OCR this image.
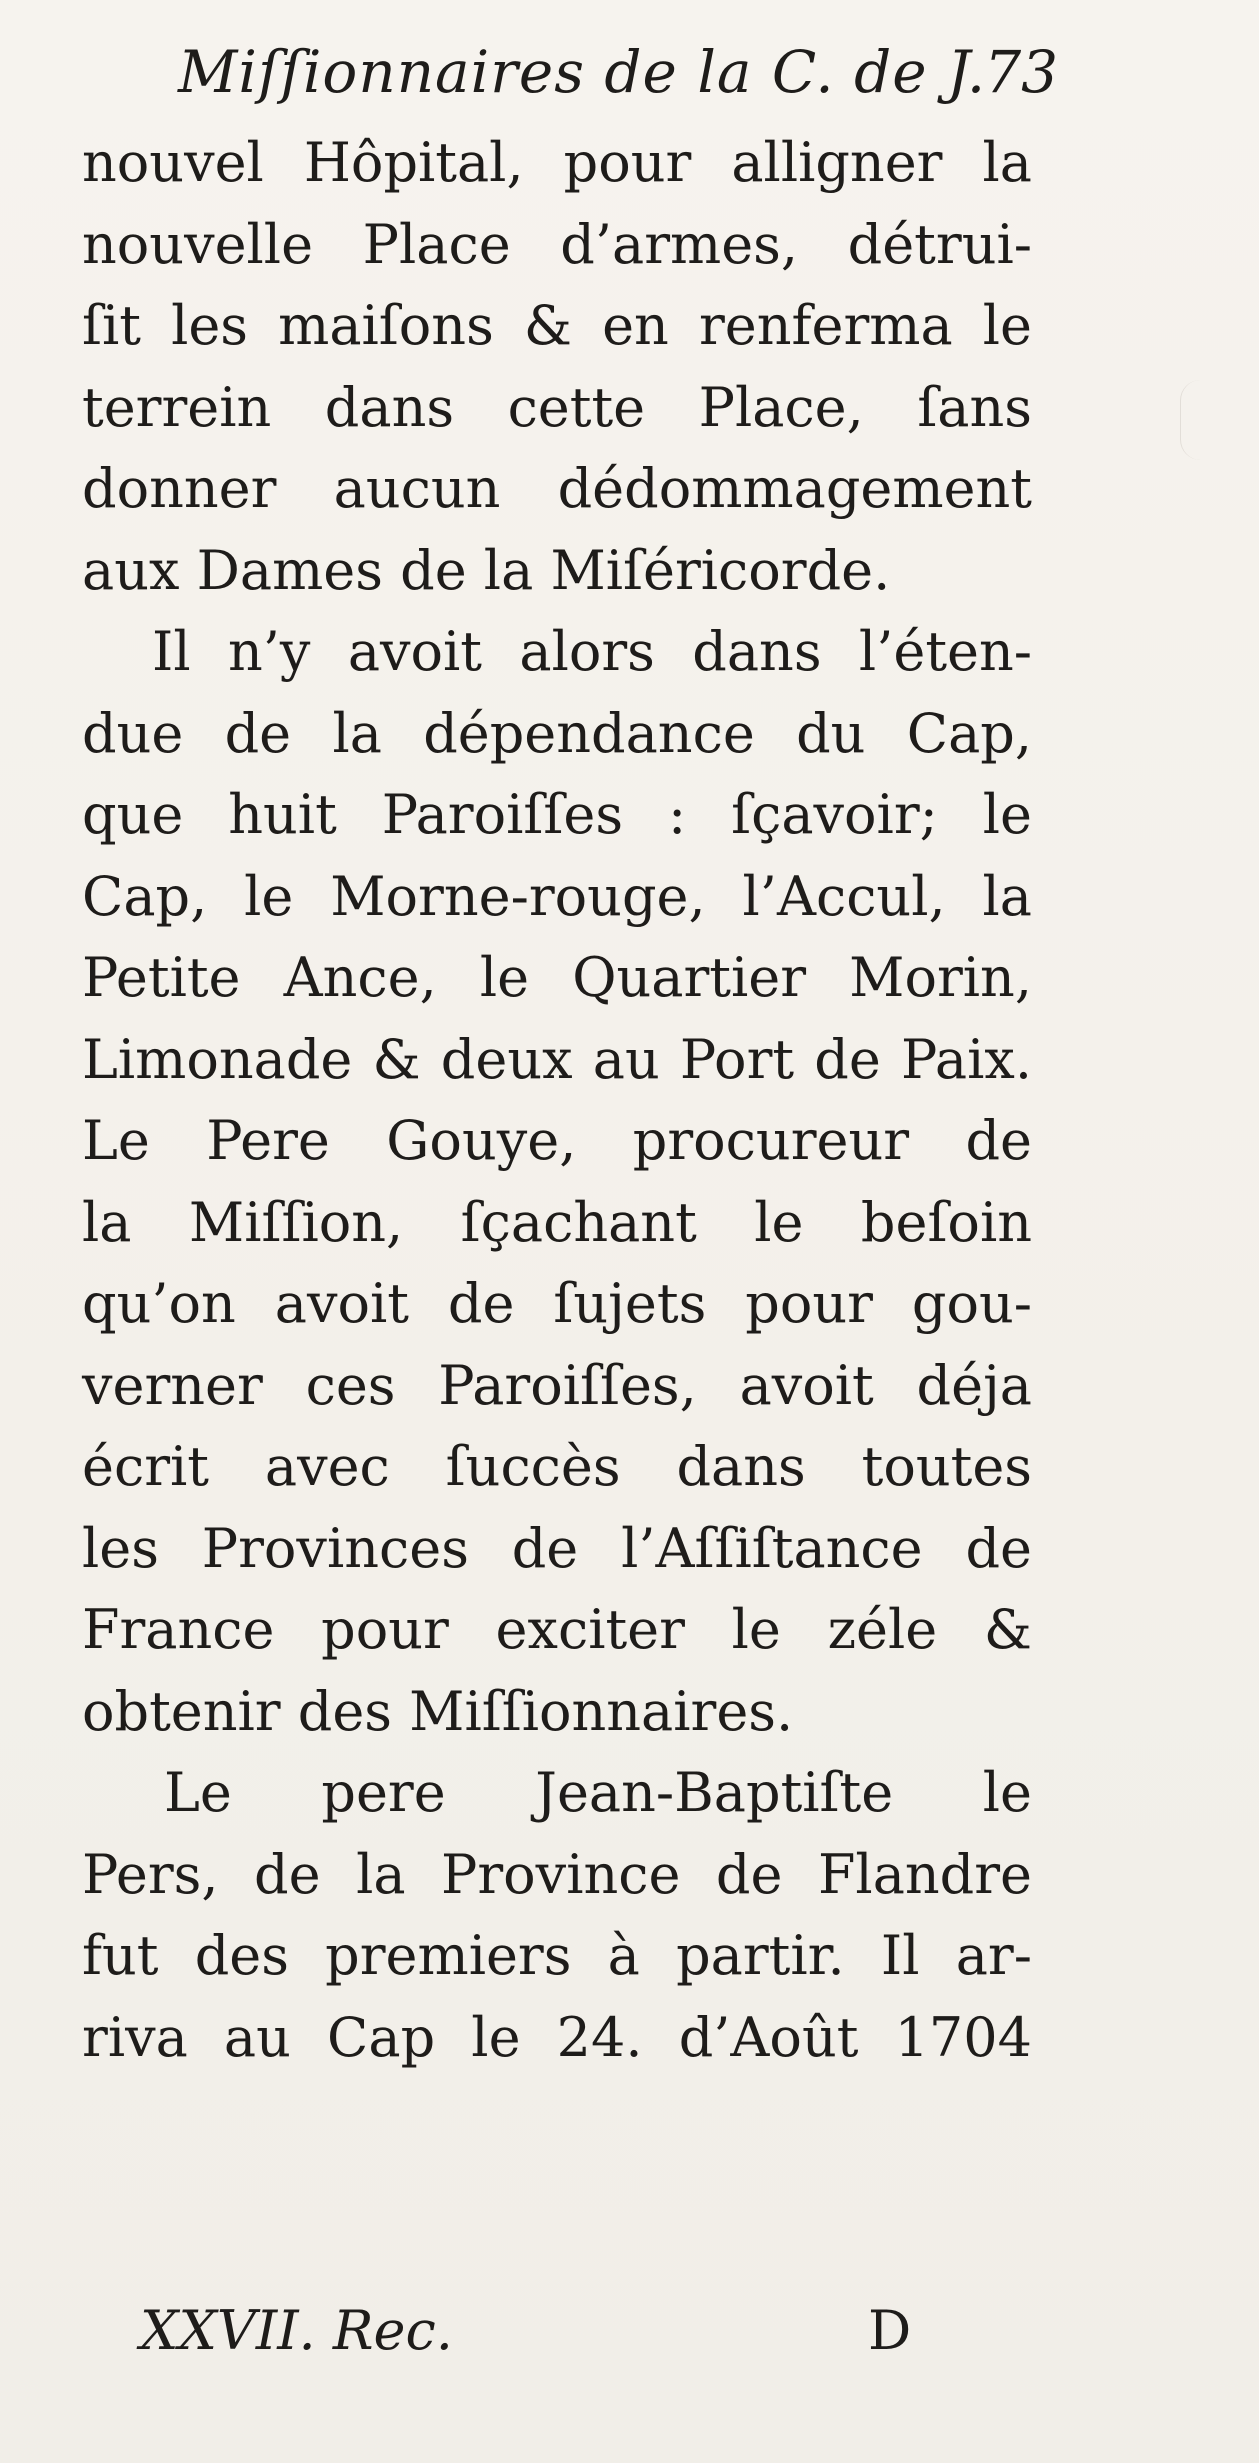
Miſſionnaires de la C. de J.
73
nouvel Hôpital, pour alligner la
nouvelle Place d’armes, détrui-
ſit les maiſons & en renferma le
terrein dans cette Place, ſans
donner aucun dédommagement
aux Dames de la Miſéricorde.
Il n’y avoit alors dans l’éten-
due de la dépendance du Cap,
que huit Paroiſſes : ſçavoir; le
Cap, le Morne-rouge, l’Accul, la
Petite Ance, le Quartier Morin,
Limonade & deux au Port de Paix.
Le Pere Gouye, procureur de
la Miſſion, ſçachant le beſoin
qu’on avoit de ſujets pour gou-
verner ces Paroiſſes, avoit déja
écrit avec ſuccès dans toutes
les Provinces de l’Aſſiſtance de
France pour exciter le zéle &
obtenir des Miſſionnaires.
Le pere Jean-Baptiſte le
Pers, de la Province de Flandre
fut des premiers à partir. Il ar-
riva au Cap le 24. d’Août 1704
XXVII. Rec.	D
